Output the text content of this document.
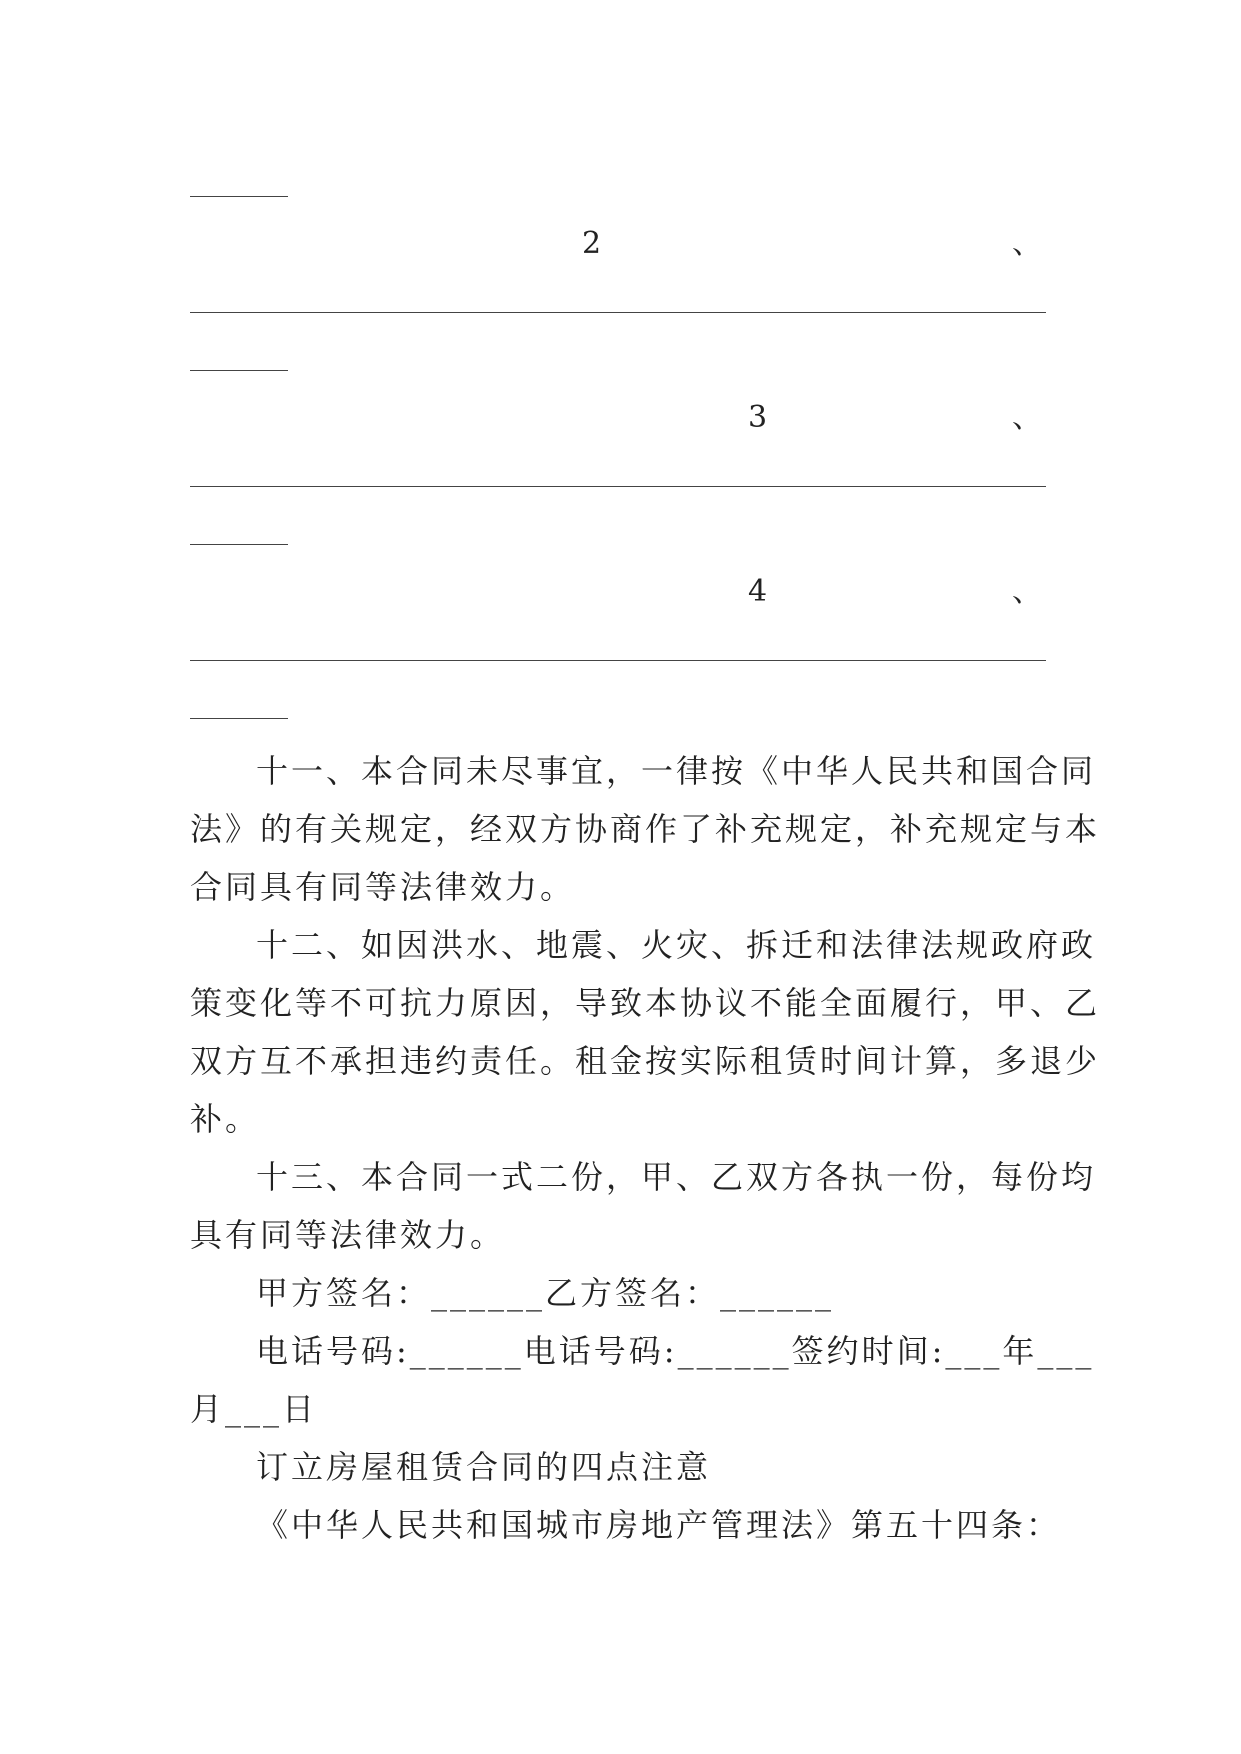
2	、
3	、
4	、
十一、本合同未尽事宜，一律按《中华人民共和国合同
法》的有关规定，经双方协商作了补充规定，补充规定与本
合同具有同等法律效力。
十二、如因洪水、地震、火灾、拆迁和法律法规政府政
策变化等不可抗力原因，导致本协议不能全面履行，甲、乙
双方互不承担违约责任。租金按实际租赁时间计算，多退少
补。
十三、本合同一式二份，甲、乙双方各执一份，每份均
具有同等法律效力。
甲方签名：______乙方签名：______
电话号码:______电话号码:______签约时间:___年___
月___日
订立房屋租赁合同的四点注意
《中华人民共和国城市房地产管理法》第五十四条：
